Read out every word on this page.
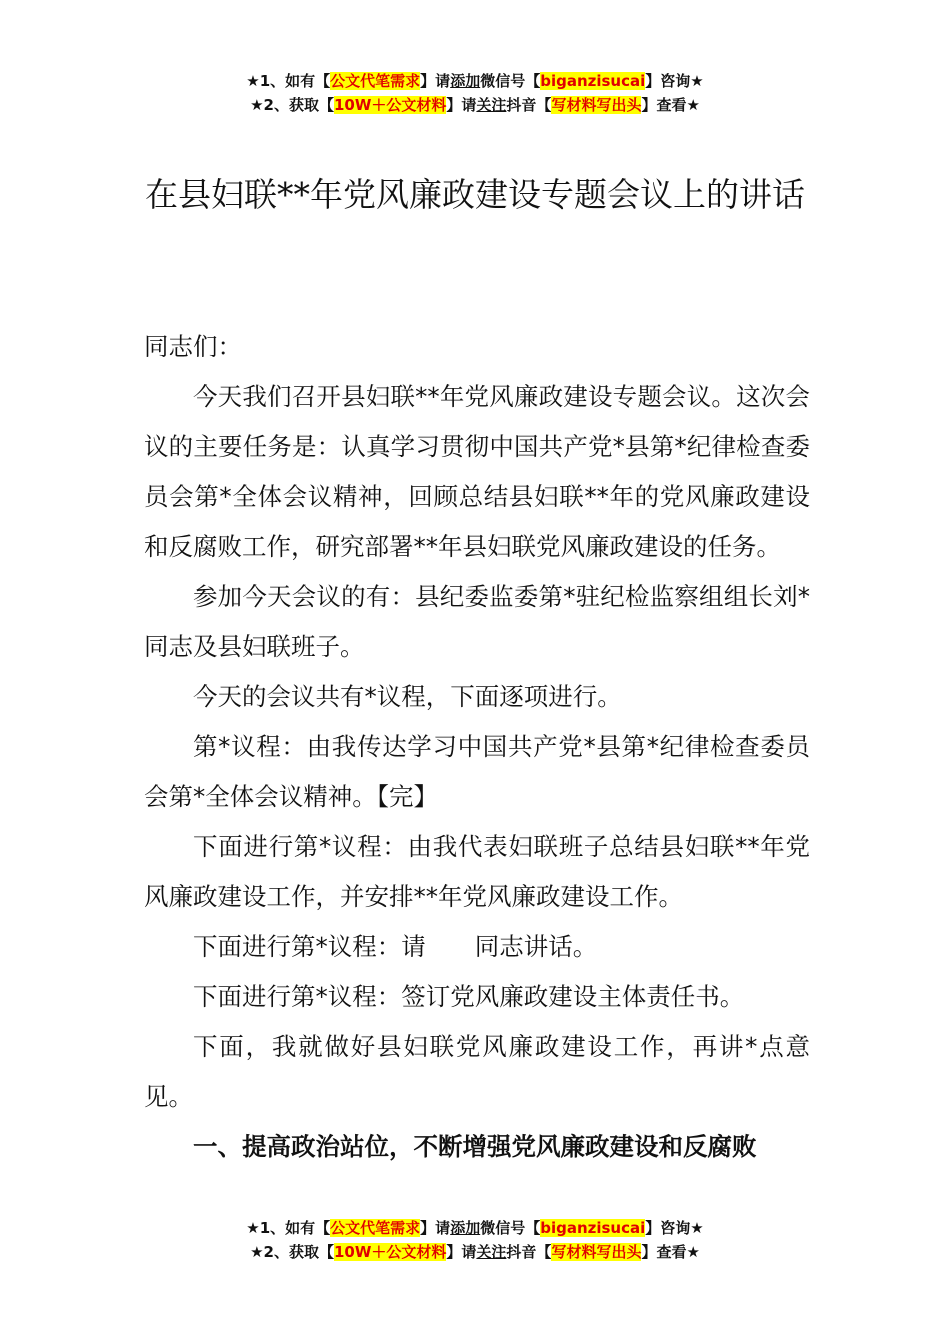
★1、如有【公文代笔需求】请添加微信号【biganzisucai】咨询★
★2、获取【10W＋公文材料】请关注抖音【写材料写出头】查看★
在县妇联**年党风廉政建设专题会议上的讲话

同志们：

今天我们召开县妇联**年党风廉政建设专题会议。这次会议的主要任务是：认真学习贯彻中国共产党*县第*纪律检查委员会第*全体会议精神，回顾总结县妇联**年的党风廉政建设和反腐败工作，研究部署**年县妇联党风廉政建设的任务。

参加今天会议的有：县纪委监委第*驻纪检监察组组长刘*同志及县妇联班子。

今天的会议共有*议程，下面逐项进行。

第*议程：由我传达学习中国共产党*县第*纪律检查委员会第*全体会议精神。【完】

下面进行第*议程：由我代表妇联班子总结县妇联**年党风廉政建设工作，并安排**年党风廉政建设工作。

下面进行第*议程：请　　同志讲话。

下面进行第*议程：签订党风廉政建设主体责任书。

下面，我就做好县妇联党风廉政建设工作，再讲*点意见。

一、提高政治站位，不断增强党风廉政建设和反腐败

★1、如有【公文代笔需求】请添加微信号【biganzisucai】咨询★
★2、获取【10W＋公文材料】请关注抖音【写材料写出头】查看★
